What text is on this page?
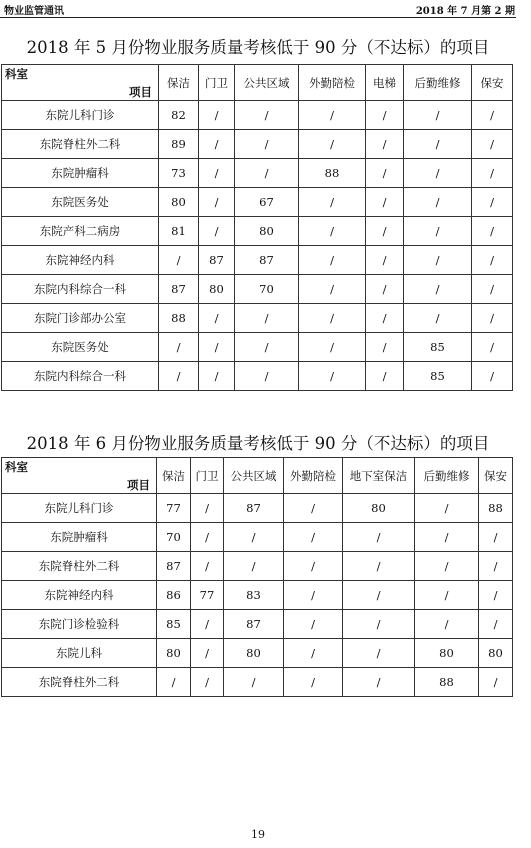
物业监管通讯	2018 年 7 月第 2 期
2018 年 5 月份物业服务质量考核低于 90 分（不达标）的项目
项目
科室	保洁	门卫	公共区域	外勤陪检	电梯	后勤维修	保安
东院儿科门诊	82	/	/	/	/	/	/
东院脊柱外二科	89	/	/	/	/	/	/
东院肿瘤科	73	/	/	88	/	/	/
东院医务处	80	/	67	/	/	/	/
东院产科二病房	81	/	80	/	/	/	/
东院神经内科	/	87	87	/	/	/	/
东院内科综合一科	87	80	70	/	/	/	/
东院门诊部办公室	88	/	/	/	/	/	/
东院医务处	/	/	/	/	/	85	/
东院内科综合一科	/	/	/	/	/	85	/
2018 年 6 月份物业服务质量考核低于 90 分（不达标）的项目
项目
科室	保洁	门卫	公共区域	外勤陪检	地下室保洁	后勤维修	保安
东院儿科门诊	77	/	87	/	80	/	88
东院肿瘤科	70	/	/	/	/	/	/
东院脊柱外二科	87	/	/	/	/	/	/
东院神经内科	86	77	83	/	/	/	/
东院门诊检验科	85	/	87	/	/	/	/
东院儿科	80	/	80	/	/	80	80
东院脊柱外二科	/	/	/	/	/	88	/
19
